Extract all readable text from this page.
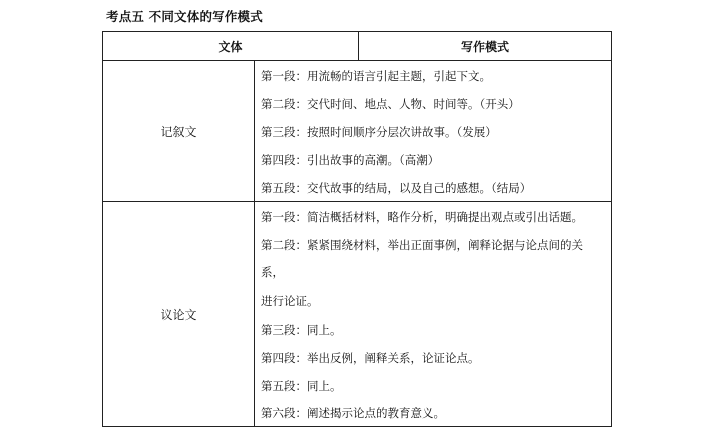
考点五 不同文体的写作模式
文体	写作模式
记叙文
第一段：用流畅的语言引起主题，引起下文。
第二段：交代时间、地点、人物、时间等。（开头）
第三段：按照时间顺序分层次讲故事。（发展）
第四段：引出故事的高潮。（高潮）
第五段：交代故事的结局，以及自己的感想。（结局）
议论文
第一段：简洁概括材料，略作分析，明确提出观点或引出话题。
第二段：紧紧围绕材料，举出正面事例，阐释论据与论点间的关
系，
进行论证。
第三段：同上。
第四段：举出反例，阐释关系，论证论点。
第五段：同上。
第六段：阐述揭示论点的教育意义。
